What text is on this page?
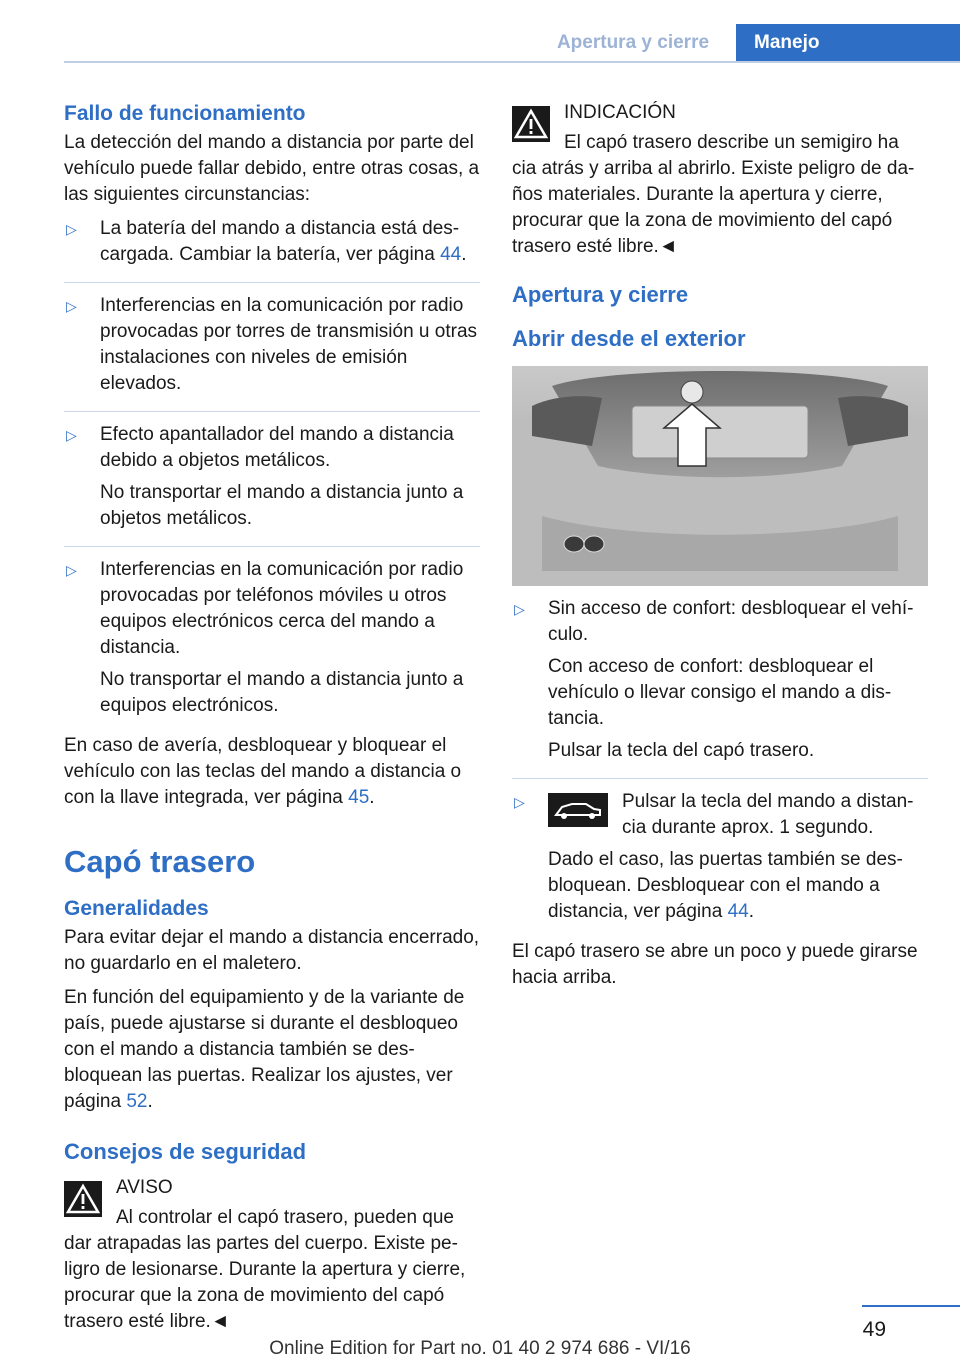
Apertura y cierre	Manejo
Fallo de funcionamiento

La detección del mando a distancia por parte del vehículo puede fallar debido, entre otras cosas, a las siguientes circunstancias:

▷	La batería del mando a distancia está descargada. Cambiar la batería, ver página 44.

▷	Interferencias en la comunicación por radio provocadas por torres de transmisión u otras instalaciones con niveles de emisión elevados.

▷	Efecto apantallador del mando a distancia debido a objetos metálicos.

No transportar el mando a distancia junto a objetos metálicos.

▷	Interferencias en la comunicación por radio provocadas por teléfonos móviles u otros equipos electrónicos cerca del mando a distancia.

No transportar el mando a distancia junto a equipos electrónicos.

En caso de avería, desbloquear y bloquear el vehículo con las teclas del mando a distancia o con la llave integrada, ver página 45.

Capó trasero
Generalidades

Para evitar dejar el mando a distancia encerrado, no guardarlo en el maletero.

En función del equipamiento y de la variante de país, puede ajustarse si durante el desbloqueo con el mando a distancia también se desbloquean las puertas. Realizar los ajustes, ver página 52.

Consejos de seguridad

AVISO

Al controlar el capó trasero, pueden que

dar atrapadas las partes del cuerpo. Existe peligro de lesionarse. Durante la apertura y cierre, procurar que la zona de movimiento del capó trasero esté libre.◄

INDICACIÓN

El capó trasero describe un semigiro ha

cia atrás y arriba al abrirlo. Existe peligro de daños materiales. Durante la apertura y cierre, procurar que la zona de movimiento del capó trasero esté libre.◄

Apertura y cierre
Abrir desde el exterior
▷	Sin acceso de confort: desbloquear el vehículo.

Con acceso de confort: desbloquear el vehículo o llevar consigo el mando a distancia.

Pulsar la tecla del capó trasero.

▷	Pulsar la tecla del mando a distancia durante aprox. 1 segundo.

Dado el caso, las puertas también se desbloquean. Desbloquear con el mando a distancia, ver página 44.

El capó trasero se abre un poco y puede girarse hacia arriba.

49
Online Edition for Part no. 01 40 2 974 686 - VI/16
